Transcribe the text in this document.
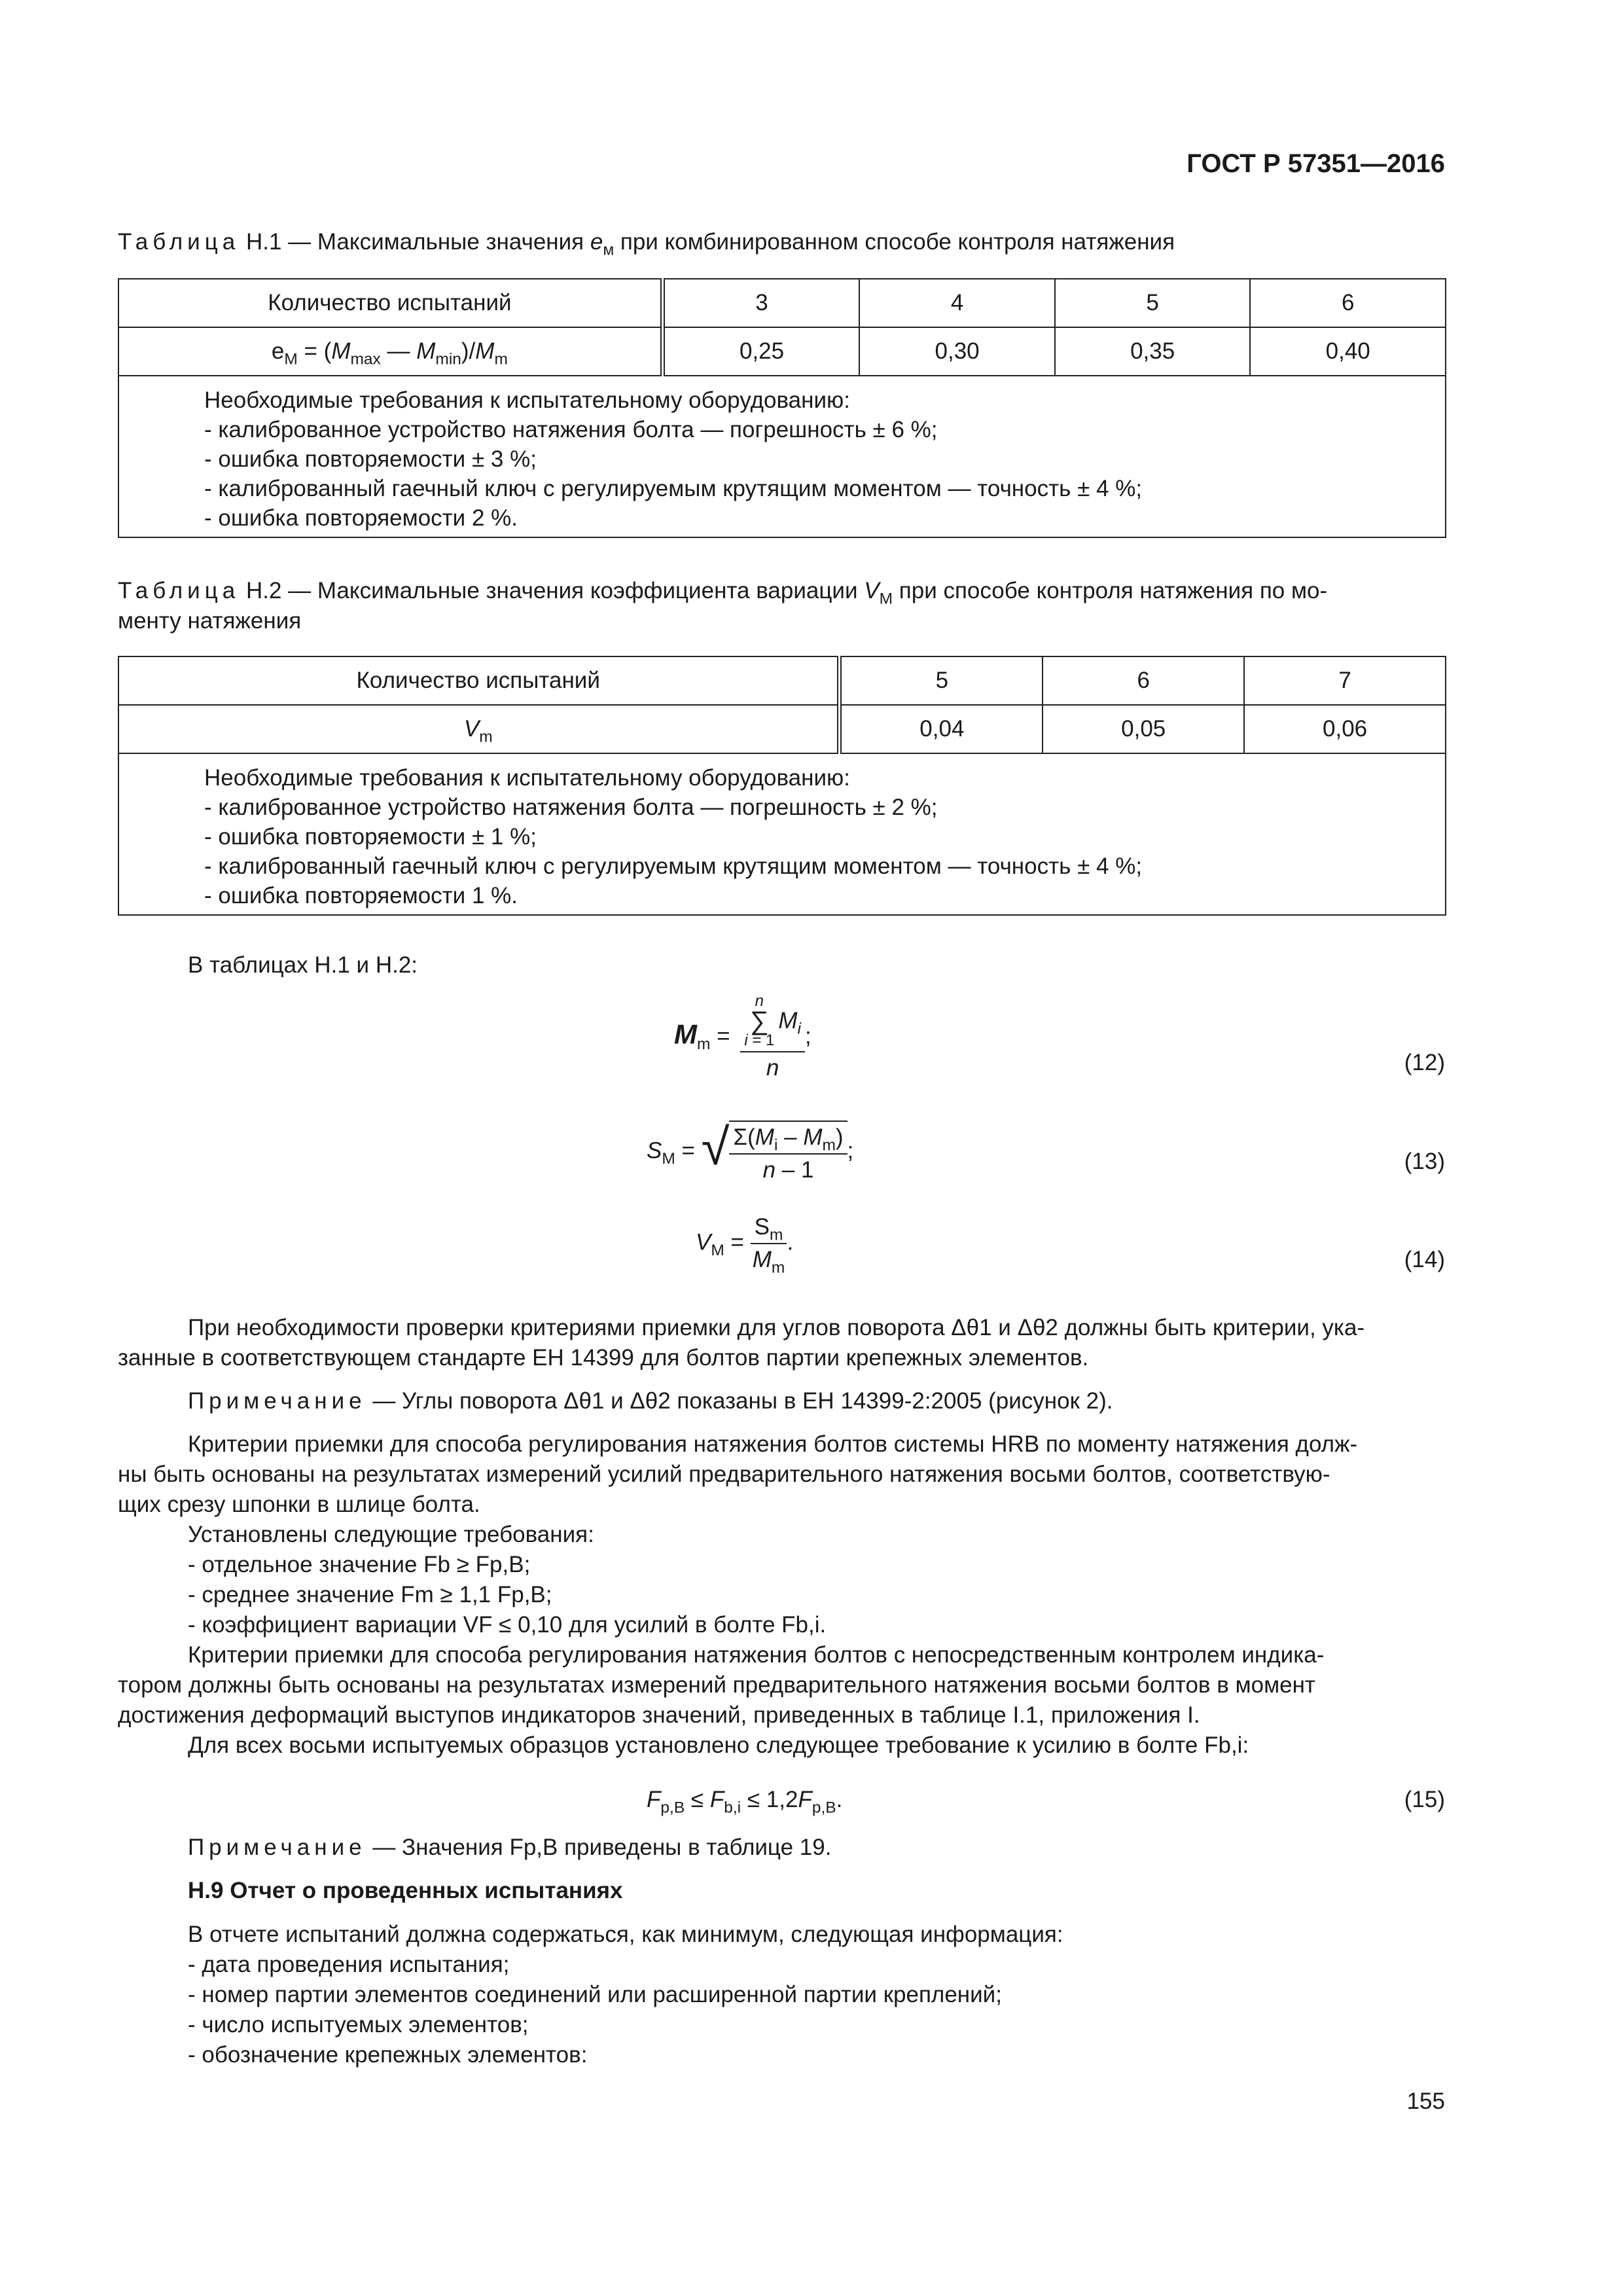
ГОСТ Р 57351—2016
Таблица Н.1 — Максимальные значения $е_м$ при комбинированном способе контроля натяжения
Количество испытаний	3	4	5	6
$e_M = (M_{max}$ — $M_{min})/M_m$	0,25	0,30	0,35	0,40

Необходимые требования к испытательному оборудованию:
- калиброванное устройство натяжения болта — погрешность ± 6 %;
- ошибка повторяемости ± 3 %;
- калиброванный гаечный ключ с регулируемым крутящим моментом — точность ± 4 %;
- ошибка повторяемости 2 %.				
Таблица Н.2 — Максимальные значения коэффициента вариации $V_M$ при способе контроля натяжения по мо-
менту натяжения
Количество испытаний	5	6	7
$V_m$	0,04	0,05	0,06

Необходимые требования к испытательному оборудованию:
- калиброванное устройство натяжения болта — погрешность ± 2 %;
- ошибка повторяемости ± 1 %;
- калиброванный гаечный ключ с регулируемым крутящим моментом — точность ± 4 %;
- ошибка повторяемости 1 %.			
В таблицах Н.1 и Н.2:
$M_m = n$
∑
i = 1
$M_i$
n ;
(12)
$S_M$ = √ $\frac{\Sigma(M_i - M_m)}{n - 1}$ ;	(13)
$V_M = \frac{S_m}{M_m}$ .
(14)
При необходимости проверки критериями приемки для углов поворота Δθ1 и Δθ2 должны быть критерии, ука-
занные в соответствующем стандарте ЕН 14399 для болтов партии крепежных элементов.
Примечание — Углы поворота Δθ1 и Δθ2 показаны в ЕН 14399-2:2005 (рисунок 2).
Критерии приемки для способа регулирования натяжения болтов системы HRB по моменту натяжения долж-
ны быть основаны на результатах измерений усилий предварительного натяжения восьми болтов, соответствую-
щих срезу шпонки в шлице болта.
Установлены следующие требования:
- отдельное значение Fb ≥ Fp,B;
- среднее значение Fm ≥ 1,1 Fp,B;
- коэффициент вариации VF ≤ 0,10 для усилий в болте Fb,i.
Критерии приемки для способа регулирования натяжения болтов с непосредственным контролем индика-
тором должны быть основаны на результатах измерений предварительного натяжения восьми болтов в момент
достижения деформаций выступов индикаторов значений, приведенных в таблице I.1, приложения I.
Для всех восьми испытуемых образцов установлено следующее требование к усилию в болте Fb,i:
$F_{p,B} \le F_{b,i} \le 1,2F_{p,B}$.	(15)
Примечание — Значения Fp,B приведены в таблице 19.
Н.9 Отчет о проведенных испытаниях
В отчете испытаний должна содержаться, как минимум, следующая информация:
- дата проведения испытания;
- номер партии элементов соединений или расширенной партии креплений;
- число испытуемых элементов;
- обозначение крепежных элементов:
155
